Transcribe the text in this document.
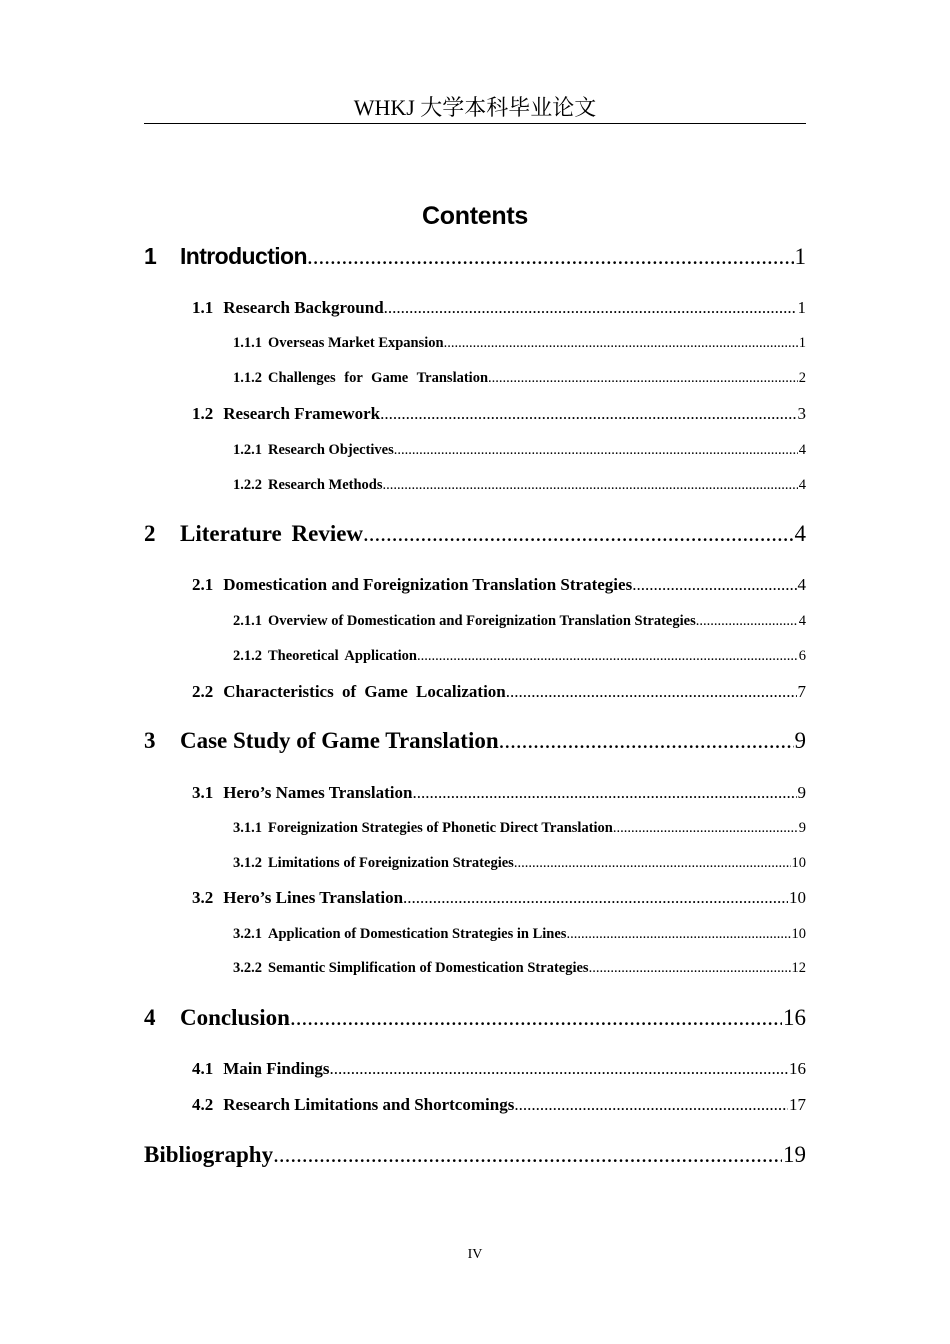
WHKJ 大学本科毕业论文
Contents
1 Introduction .....	1
1.1 Research Background .....	1
1.1.1 Overseas Market Expansion .....	1
1.1.2 Challenges for Game Translation .....	2
1.2 Research Framework .....	3
1.2.1 Research Objectives .....	4
1.2.2 Research Methods .....	4
2 Literature Review .....	4
2.1 Domestication and Foreignization Translation Strategies .....	4
2.1.1 Overview of Domestication and Foreignization Translation Strategies .....	4
2.1.2 Theoretical Application .....	6
2.2 Characteristics of Game Localization .....	7
3 Case Study of Game Translation .....	9
3.1 Hero’s Names Translation .....	9
3.1.1 Foreignization Strategies of Phonetic Direct Translation .....	9
3.1.2 Limitations of Foreignization Strategies .....	10
3.2 Hero’s Lines Translation .....	10
3.2.1 Application of Domestication Strategies in Lines .....	10
3.2.2 Semantic Simplification of Domestication Strategies .....	12
4 Conclusion .....	16
4.1 Main Findings .....	16
4.2 Research Limitations and Shortcomings .....	17
Bibliography .....	19
IV
